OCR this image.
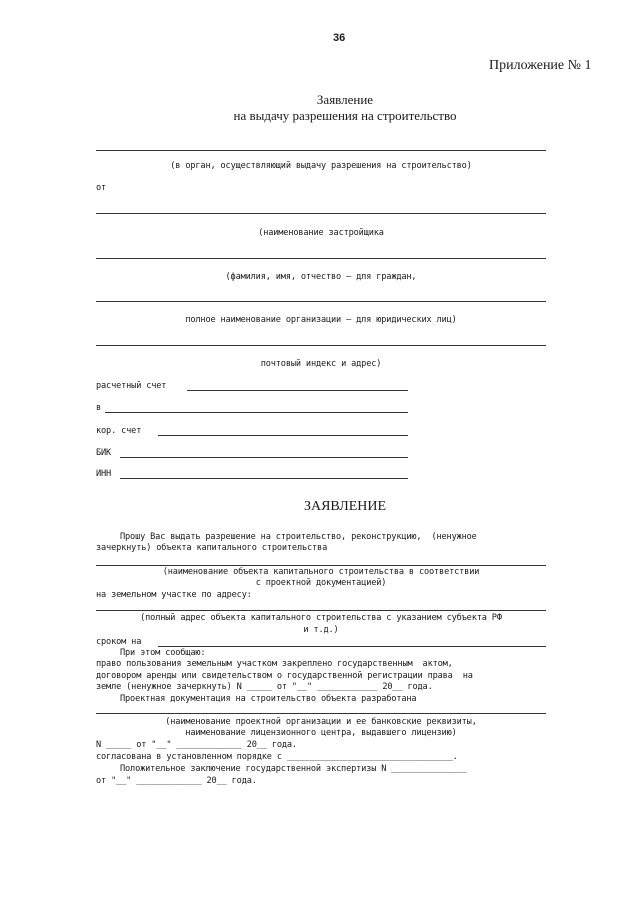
36
Приложение № 1
Заявление
на выдачу разрешения на строительство
(в орган, осуществляющий выдачу разрешения на строительство)
от
(наименование застройщика
(фамилия, имя, отчество – для граждан,
полное наименование организации – для юридических лиц)
почтовый индекс и адрес)
расчетный счет
в
кор. счет
БИК
ИНН
ЗАЯВЛЕНИЕ
Прошу Вас выдать разрешение на строительство, реконструкцию,  (ненужное
зачеркнуть) объекта капитального строительства
(наименование объекта капитального строительства в соответствии
с проектной документацией)
на земельном участке по адресу:
(полный адрес объекта капитального строительства с указанием субъекта РФ
и т.д.)
сроком на
При этом сообщаю:
право пользования земельным участком закреплено государственным  актом,
договором аренды или свидетельством о государственной регистрации права  на
земле (ненужное зачеркнуть) N _____ от "__" ____________ 20__ года.
Проектная документация на строительство объекта разработана
(наименование проектной организации и ее банковские реквизиты,
наименование лицензионного центра, выдавшего лицензию)
N _____ от "__" _____________ 20__ года.
согласована в установленном порядке с _________________________________.
Положительное заключение государственной экспертизы N _______________
от "__" _____________ 20__ года.
